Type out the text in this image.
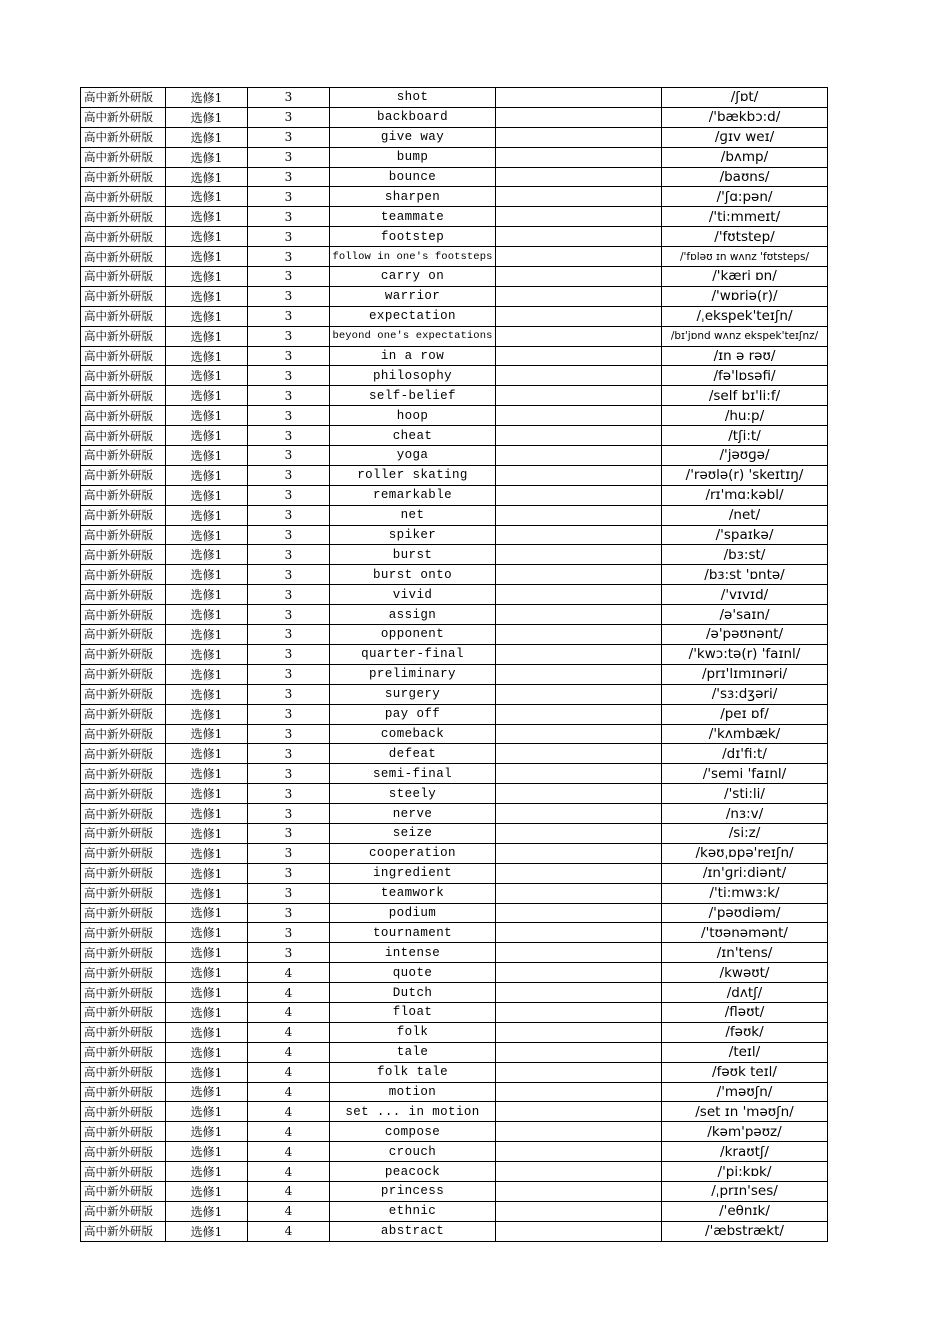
高中新外研版	选修1	3	shot		/ʃɒt/
高中新外研版	选修1	3	backboard		/'bækbɔ:d/
高中新外研版	选修1	3	give way		/ɡɪv weɪ/
高中新外研版	选修1	3	bump		/bʌmp/
高中新外研版	选修1	3	bounce		/baʊns/
高中新外研版	选修1	3	sharpen		/'ʃɑ:pən/
高中新外研版	选修1	3	teammate		/'ti:mmeɪt/
高中新外研版	选修1	3	footstep		/'fʊtstep/
高中新外研版	选修1	3	follow in one's footsteps		/'fɒləʊ ɪn wʌnz 'fʊtsteps/
高中新外研版	选修1	3	carry on		/'kæri ɒn/
高中新外研版	选修1	3	warrior		/'wɒriə(r)/
高中新外研版	选修1	3	expectation		/ˌekspek'teɪʃn/
高中新外研版	选修1	3	beyond one's expectations		/bɪ'jɒnd wʌnz ekspek'teɪʃnz/
高中新外研版	选修1	3	in a row		/ɪn ə rəʊ/
高中新外研版	选修1	3	philosophy		/fə'lɒsəfi/
高中新外研版	选修1	3	self-belief		/self bɪ'li:f/
高中新外研版	选修1	3	hoop		/hu:p/
高中新外研版	选修1	3	cheat		/tʃi:t/
高中新外研版	选修1	3	yoga		/'jəʊɡə/
高中新外研版	选修1	3	roller skating		/'rəʊlə(r) 'skeɪtɪŋ/
高中新外研版	选修1	3	remarkable		/rɪ'mɑ:kəbl/
高中新外研版	选修1	3	net		/net/
高中新外研版	选修1	3	spiker		/'spaɪkə/
高中新外研版	选修1	3	burst		/bɜ:st/
高中新外研版	选修1	3	burst onto		/bɜ:st 'ɒntə/
高中新外研版	选修1	3	vivid		/'vɪvɪd/
高中新外研版	选修1	3	assign		/ə'saɪn/
高中新外研版	选修1	3	opponent		/ə'pəʊnənt/
高中新外研版	选修1	3	quarter-final		/'kwɔ:tə(r) 'faɪnl/
高中新外研版	选修1	3	preliminary		/prɪ'lɪmɪnəri/
高中新外研版	选修1	3	surgery		/'sɜ:dʒəri/
高中新外研版	选修1	3	pay off		/peɪ ɒf/
高中新外研版	选修1	3	comeback		/'kʌmbæk/
高中新外研版	选修1	3	defeat		/dɪ'fi:t/
高中新外研版	选修1	3	semi-final		/'semi 'faɪnl/
高中新外研版	选修1	3	steely		/'sti:li/
高中新外研版	选修1	3	nerve		/nɜ:v/
高中新外研版	选修1	3	seize		/si:z/
高中新外研版	选修1	3	cooperation		/kəʊˌɒpə'reɪʃn/
高中新外研版	选修1	3	ingredient		/ɪn'ɡri:diənt/
高中新外研版	选修1	3	teamwork		/'ti:mwɜ:k/
高中新外研版	选修1	3	podium		/'pəʊdiəm/
高中新外研版	选修1	3	tournament		/'tʊənəmənt/
高中新外研版	选修1	3	intense		/ɪn'tens/
高中新外研版	选修1	4	quote		/kwəʊt/
高中新外研版	选修1	4	Dutch		/dʌtʃ/
高中新外研版	选修1	4	float		/fləʊt/
高中新外研版	选修1	4	folk		/fəʊk/
高中新外研版	选修1	4	tale		/teɪl/
高中新外研版	选修1	4	folk tale		/fəʊk teɪl/
高中新外研版	选修1	4	motion		/'məʊʃn/
高中新外研版	选修1	4	set ... in motion		/set ɪn 'məʊʃn/
高中新外研版	选修1	4	compose		/kəm'pəʊz/
高中新外研版	选修1	4	crouch		/kraʊtʃ/
高中新外研版	选修1	4	peacock		/'pi:kɒk/
高中新外研版	选修1	4	princess		/ˌprɪn'ses/
高中新外研版	选修1	4	ethnic		/'eθnɪk/
高中新外研版	选修1	4	abstract		/'æbstrækt/
